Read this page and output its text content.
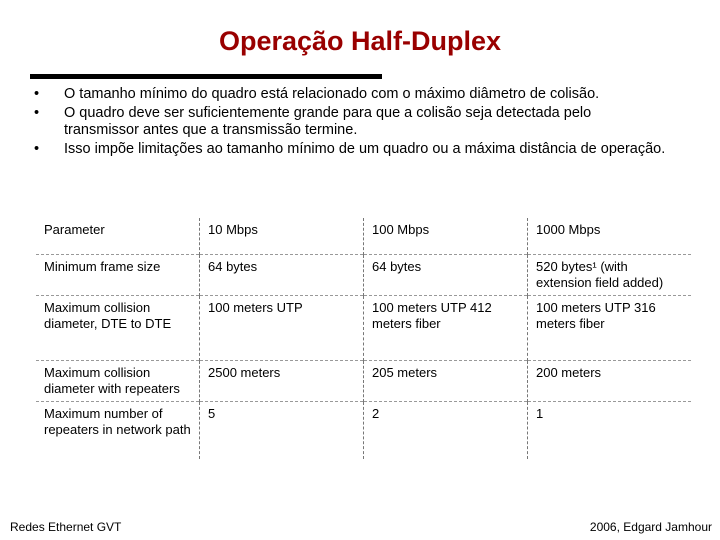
Operação Half-Duplex
• O tamanho mínimo do quadro está relacionado com o máximo diâmetro de colisão.
• O quadro deve ser suficientemente grande para que a colisão seja detectada pelo transmissor antes que a transmissão termine.
• Isso impõe limitações ao tamanho mínimo de um quadro ou a máxima distância de operação.
Parameter	10 Mbps	100 Mbps	1000 Mbps
Minimum frame size	64 bytes	64 bytes	520 bytes¹ (with extension field added)
Maximum collision diameter, DTE to DTE	100 meters UTP	100 meters UTP 412 meters fiber	100 meters UTP 316 meters fiber
Maximum collision diameter with repeaters	2500 meters	205 meters	200 meters
Maximum number of repeaters in network path	5	2	1
Redes Ethernet GVT	2006, Edgard Jamhour
